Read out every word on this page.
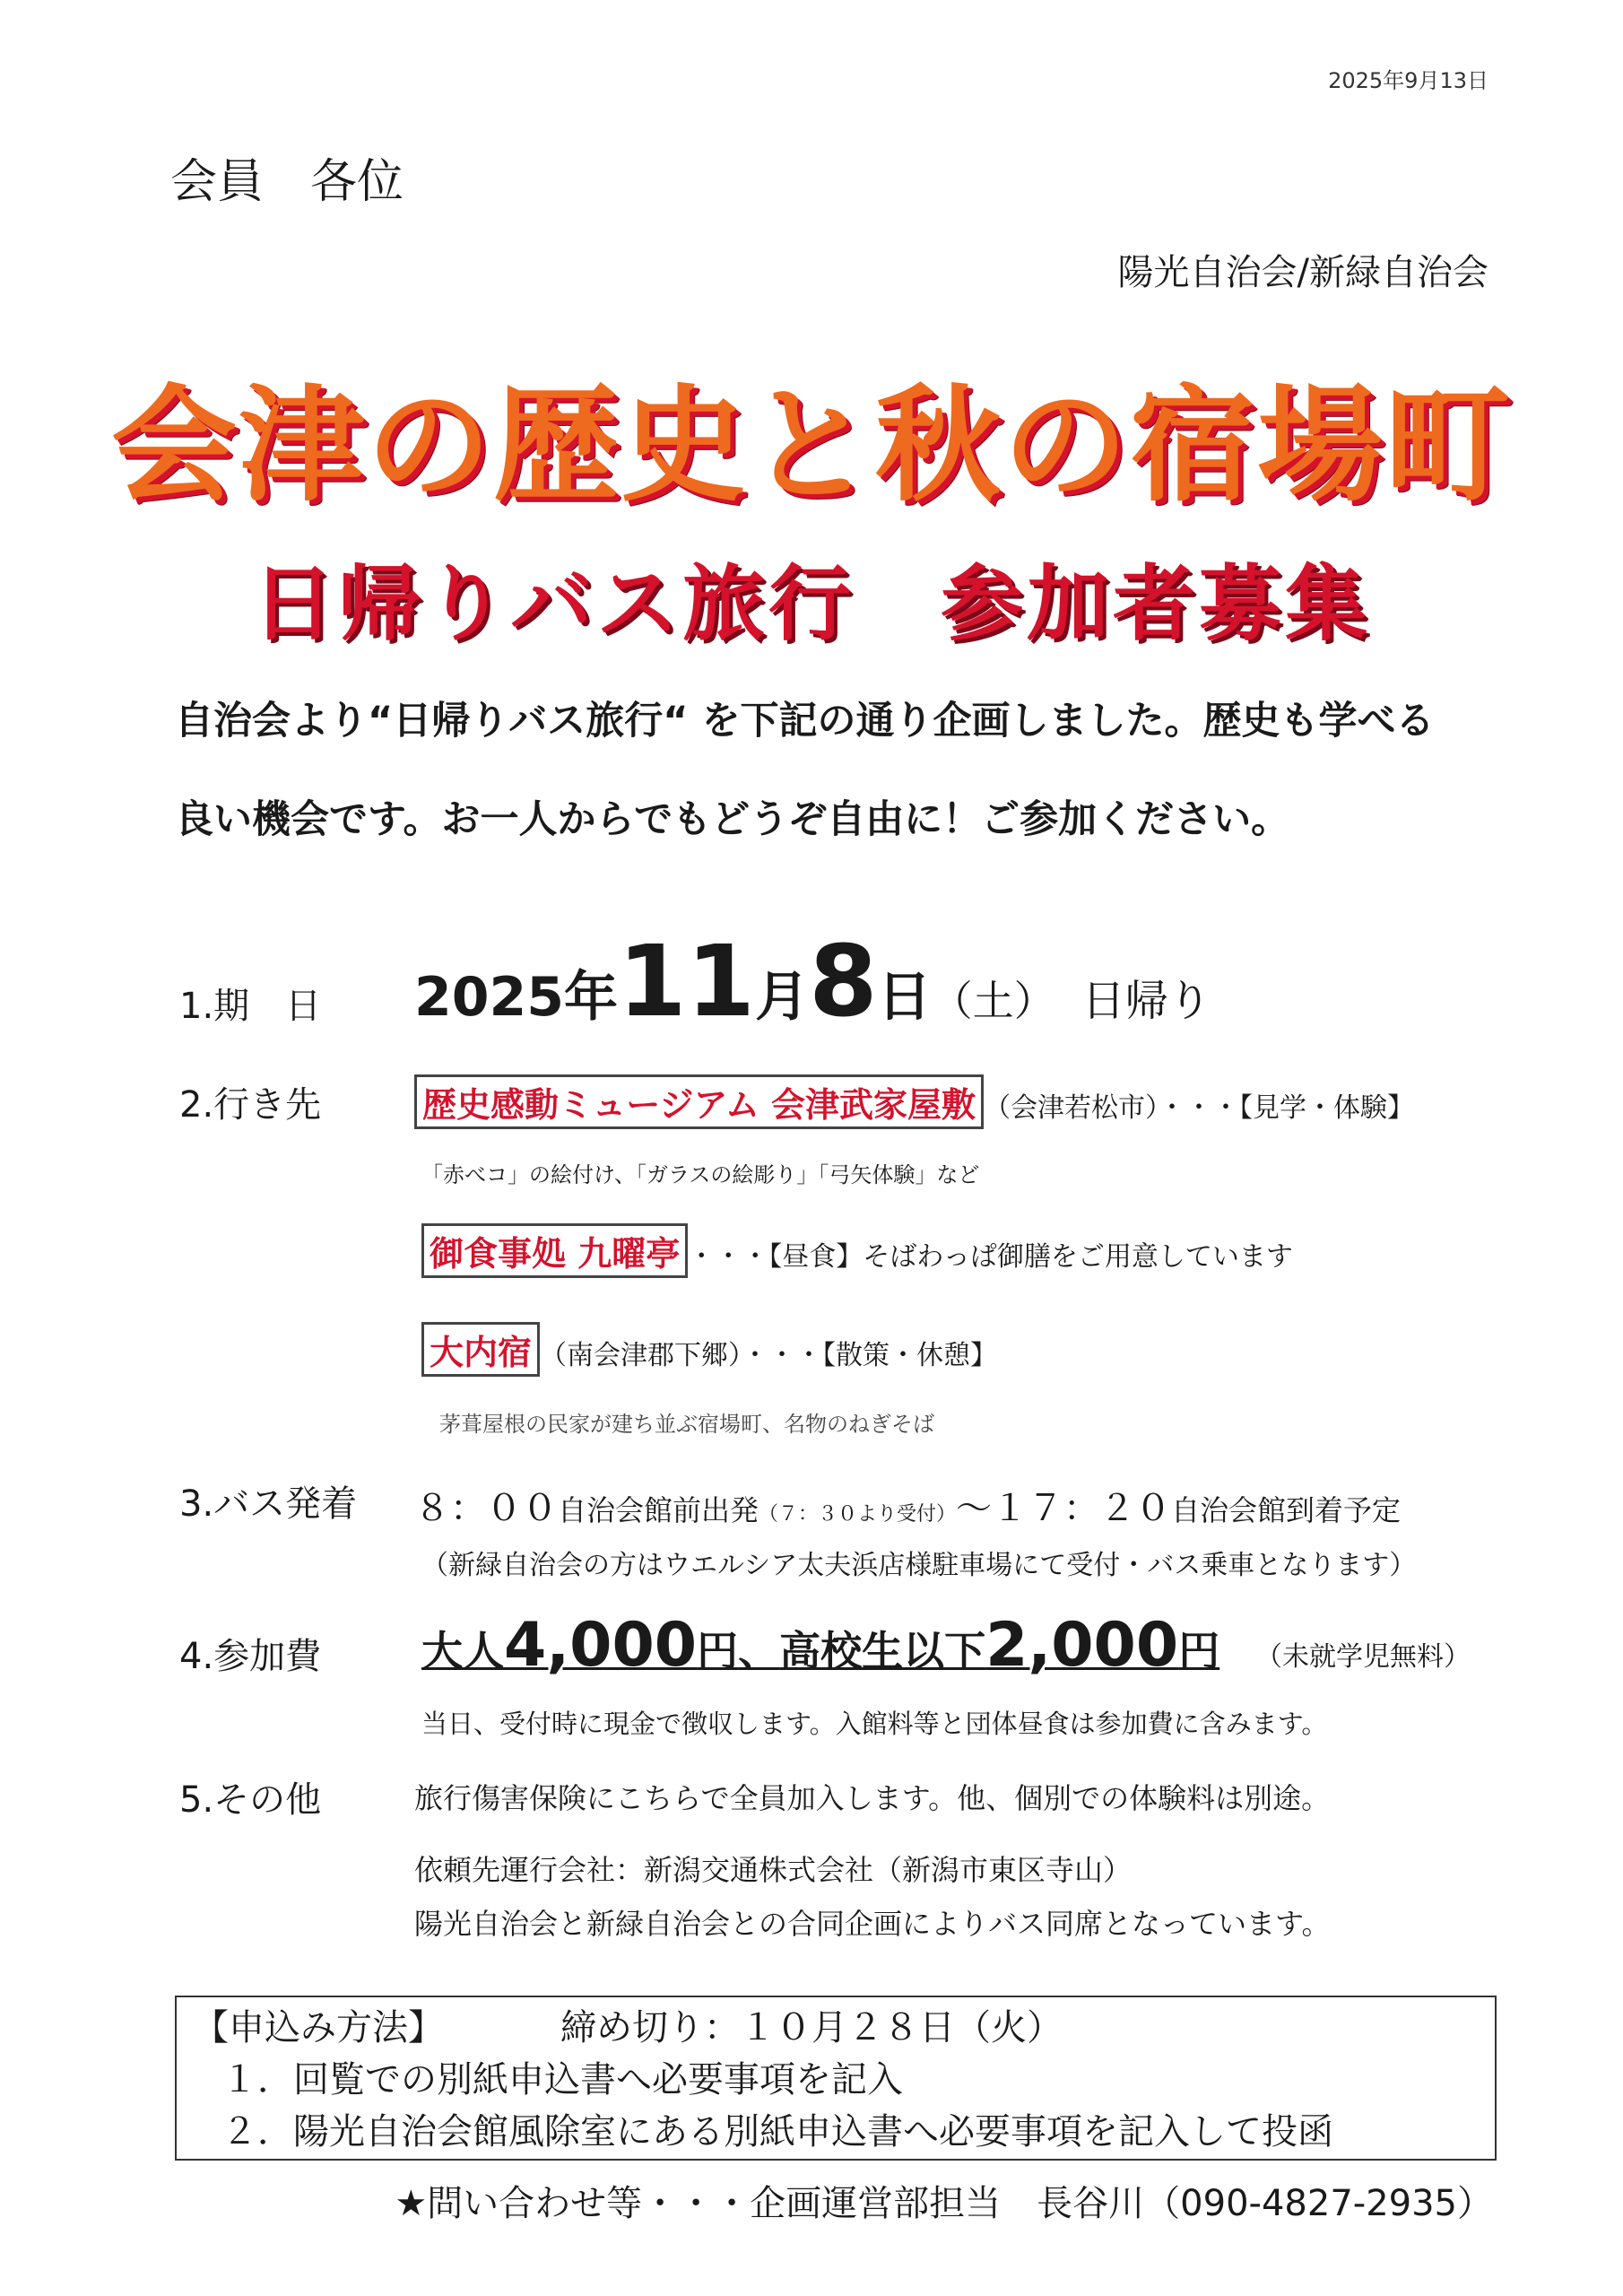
2025年9月13日
会員　各位
陽光自治会/新緑自治会
会津の歴史と秋の宿場町
日帰りバス旅行　参加者募集
自治会より“日帰りバス旅行“ を下記の通り企画しました。歴史も学べる
良い機会です。お一人からでもどうぞ自由に！ご参加ください。
1.期　日 2025年11月8日（土） 日帰り
2.行き先	歴史感動ミュージアム 会津武家屋敷 （会津若松市）・・・【見学・体験】
「赤べコ」の絵付け、「ガラスの絵彫り」「弓矢体験」など
御食事処 九曜亭 ・・・【昼食】そばわっぱ御膳をご用意しています
大内宿 （南会津郡下郷）・・・【散策・休憩】
茅葺屋根の民家が建ち並ぶ宿場町、名物のねぎそば
3.バス発着 ８：００自治会館前出発（７：３０より受付）～１７：２０自治会館到着予定
（新緑自治会の方はウエルシア太夫浜店様駐車場にて受付・バス乗車となります）
4.参加費 大人4,000円、高校生以下2,000円 （未就学児無料）
当日、受付時に現金で徴収します。入館料等と団体昼食は参加費に含みます。
5.その他	旅行傷害保険にこちらで全員加入します。他、個別での体験料は別途。
依頼先運行会社：新潟交通株式会社（新潟市東区寺山）
陽光自治会と新緑自治会との合同企画によりバス同席となっています。
【申込み方法】	締め切り：１０月２８日（火）
１．回覧での別紙申込書へ必要事項を記入
２．陽光自治会館風除室にある別紙申込書へ必要事項を記入して投函
★問い合わせ等・・・企画運営部担当　長谷川（090-4827-2935）
